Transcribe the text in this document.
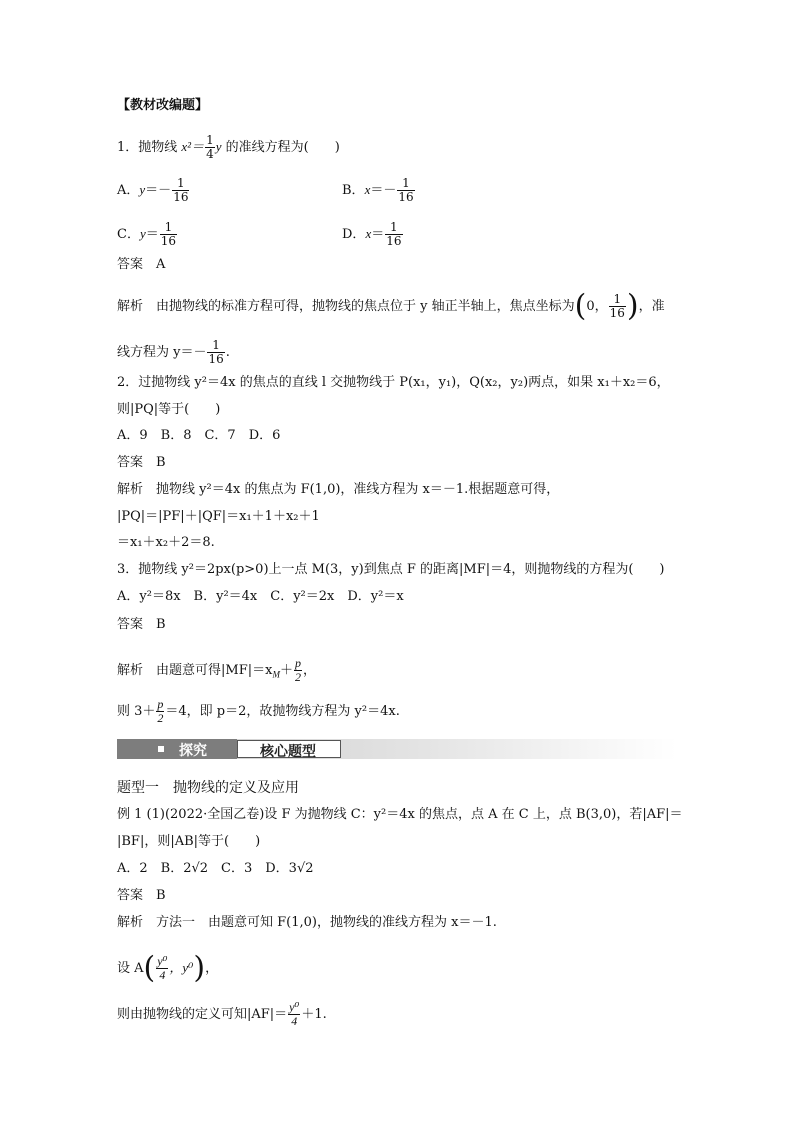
【教材改编题】
1．抛物线 $x^2= \frac{1}{4}$ y 的准线方程为(　　)
A．$y=- \frac{1}{16}$	B．$x=- \frac{1}{16}$
C．$y= \frac{1}{16}$	D．$x= \frac{1}{16}$
答案　 A
解析　 由抛物线的标准方程可得，抛物线的焦点位于 y 轴正半轴上，焦点坐标为(0， $\frac{1}{16}$ )，准
线方程为 $y=- \frac{1}{16}$ .
2．过抛物线 y²＝4x 的焦点的直线 l 交抛物线于 P(x₁，y₁)，Q(x₂，y₂)两点，如果 x₁＋x₂＝6，
则|PQ|等于(　　)
A．9　B．8　C．7　D．6
答案　 B
解析　 抛物线 y²＝4x 的焦点为 F(1,0)，准线方程为 x＝－1.根据题意可得，
|PQ|＝|PF|＋|QF|＝x₁＋1＋x₂＋1
＝x₁＋x₂＋2＝8.
3．抛物线 y²＝2px(p>0)上一点 M(3，y)到焦点 F 的距离|MF|＝4，则抛物线的方程为(　　)
A．y²＝8x　B．y²＝4x　C．y²＝2x　D．y²＝x
答案　 B
解析　 由题意可得$|MF|=x_M+ \frac{p}{2}$ ，
则 $3+ \frac{p}{2} =4$，即 p＝2，故抛物线方程为 y²＝4x.
探究	核心题型
题型一　抛物线的定义及应用
例 1 (1)(2022·全国乙卷)设 F 为抛物线 C：y²＝4x 的焦点，点 A 在 C 上，点 B(3,0)，若|AF|＝
|BF|，则|AB|等于(　　)
A．2　B．2√2　C．3　D．3√2
答案　 B
解析　 方法一　由题意可知 F(1,0)，抛物线的准线方程为 x＝－1.
设 $A( \frac{\text{y⁰}}{4}$ ，y⁰)，
则由抛物线的定义可知$|AF|= \frac{\text{y⁰}}{4} +1$.
